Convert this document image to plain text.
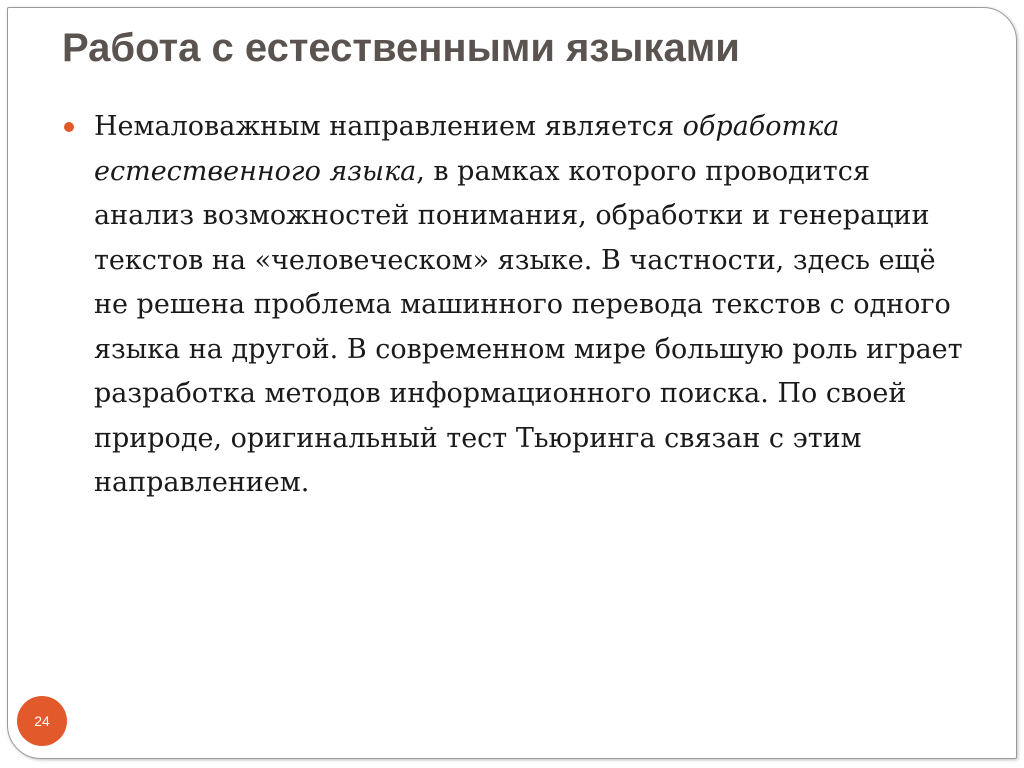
Работа с естественными языками

Немаловажным направлением является обработка естественного языка, в рамках которого проводится анализ возможностей понимания, обработки и генерации текстов на «человеческом» языке. В частности, здесь ещё не решена проблема машинного перевода текстов с одного языка на другой. В современном мире большую роль играет разработка методов информационного поиска. По своей природе, оригинальный тест Тьюринга связан с этим направлением.

24
